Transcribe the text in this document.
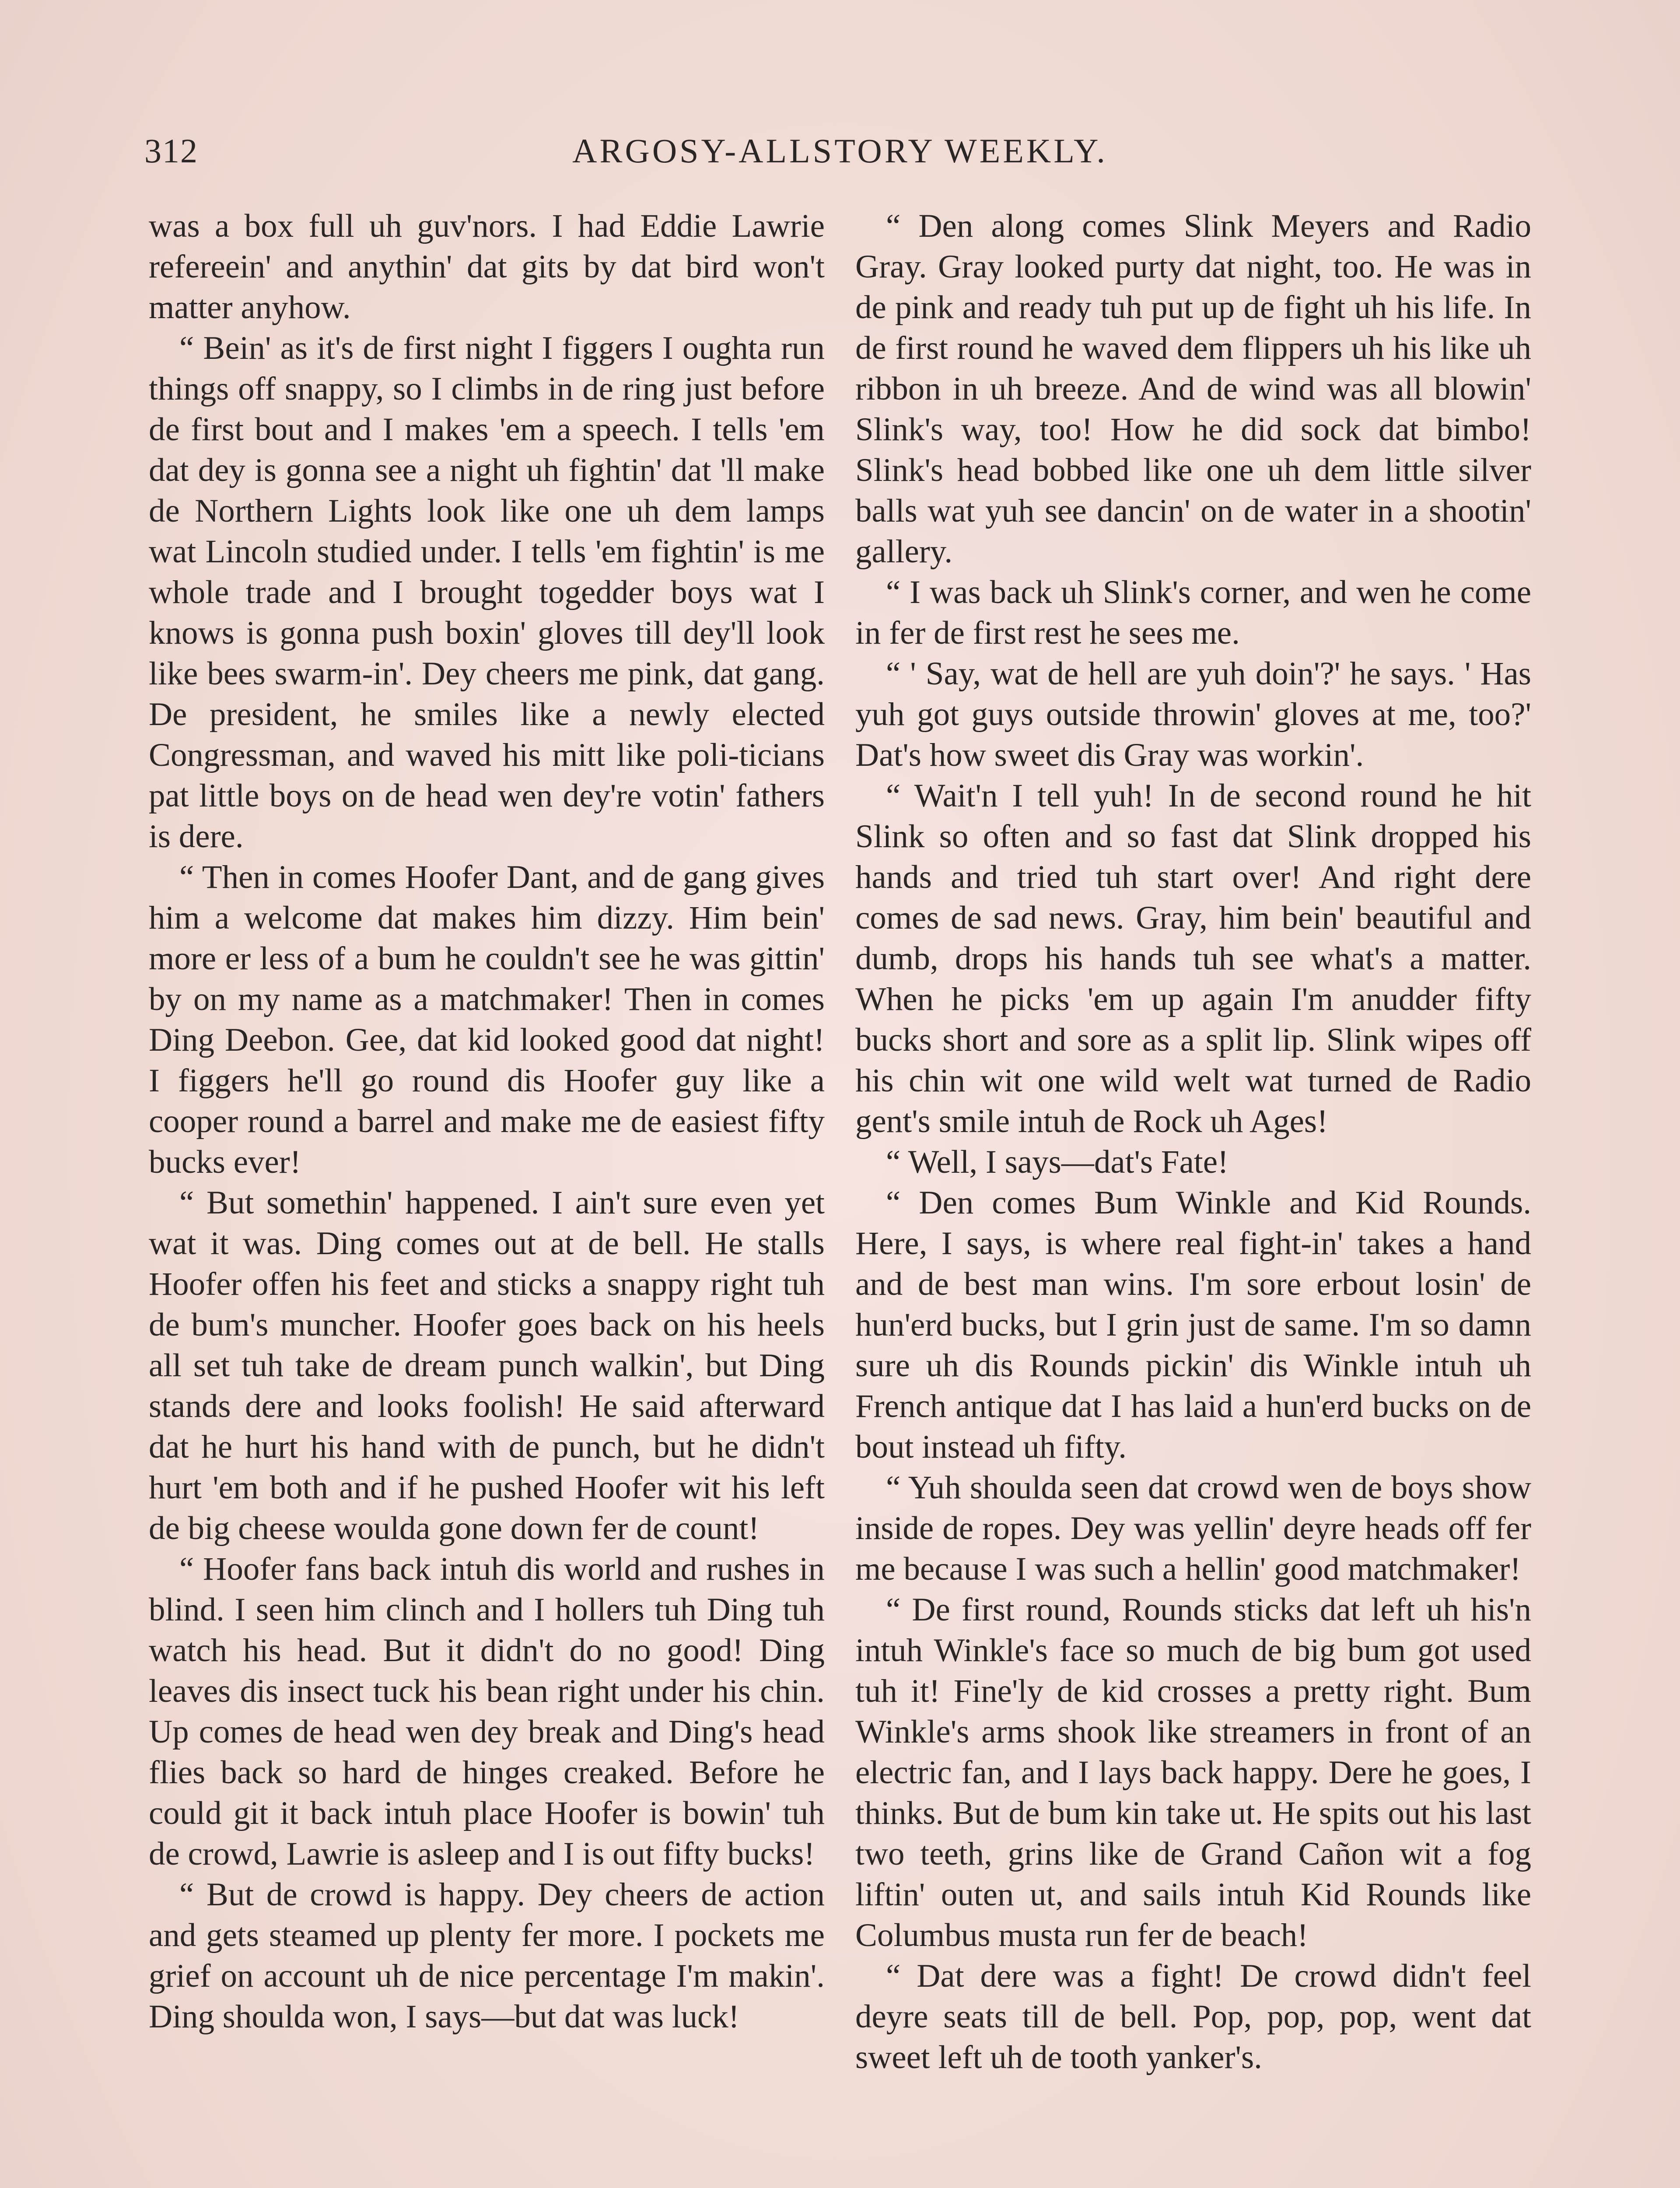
312	ARGOSY-ALLSTORY WEEKLY.

was a box full uh guv'nors. I had Eddie Lawrie refereein' and anythin' dat gits by dat bird won't matter anyhow.

“ Bein' as it's de first night I figgers I oughta run things off snappy, so I climbs in de ring just before de first bout and I makes 'em a speech. I tells 'em dat dey is gonna see a night uh fightin' dat 'll make de Northern Lights look like one uh dem lamps wat Lincoln studied under. I tells 'em fightin' is me whole trade and I brought togedder boys wat I knows is gonna push boxin' gloves till dey'll look like bees swarm-in'. Dey cheers me pink, dat gang. De president, he smiles like a newly elected Congressman, and waved his mitt like poli-ticians pat little boys on de head wen dey're votin' fathers is dere.

“ Then in comes Hoofer Dant, and de gang gives him a welcome dat makes him dizzy. Him bein' more er less of a bum he couldn't see he was gittin' by on my name as a matchmaker! Then in comes Ding Deebon. Gee, dat kid looked good dat night! I figgers he'll go round dis Hoofer guy like a cooper round a barrel and make me de easiest fifty bucks ever!

“ But somethin' happened. I ain't sure even yet wat it was. Ding comes out at de bell. He stalls Hoofer offen his feet and sticks a snappy right tuh de bum's muncher. Hoofer goes back on his heels all set tuh take de dream punch walkin', but Ding stands dere and looks foolish! He said afterward dat he hurt his hand with de punch, but he didn't hurt 'em both and if he pushed Hoofer wit his left de big cheese woulda gone down fer de count!

“ Hoofer fans back intuh dis world and rushes in blind. I seen him clinch and I hollers tuh Ding tuh watch his head. But it didn't do no good! Ding leaves dis insect tuck his bean right under his chin. Up comes de head wen dey break and Ding's head flies back so hard de hinges creaked. Before he could git it back intuh place Hoofer is bowin' tuh de crowd, Lawrie is asleep and I is out fifty bucks!

“ But de crowd is happy. Dey cheers de action and gets steamed up plenty fer more. I pockets me grief on account uh de nice percentage I'm makin'. Ding shoulda won, I says—but dat was luck!

“ Den along comes Slink Meyers and Radio Gray. Gray looked purty dat night, too. He was in de pink and ready tuh put up de fight uh his life. In de first round he waved dem flippers uh his like uh ribbon in uh breeze. And de wind was all blowin' Slink's way, too! How he did sock dat bimbo! Slink's head bobbed like one uh dem little silver balls wat yuh see dancin' on de water in a shootin' gallery.

“ I was back uh Slink's corner, and wen he come in fer de first rest he sees me.

“ ' Say, wat de hell are yuh doin'?' he says. ' Has yuh got guys outside throwin' gloves at me, too?' Dat's how sweet dis Gray was workin'.

“ Wait'n I tell yuh! In de second round he hit Slink so often and so fast dat Slink dropped his hands and tried tuh start over! And right dere comes de sad news. Gray, him bein' beautiful and dumb, drops his hands tuh see what's a matter. When he picks 'em up again I'm anudder fifty bucks short and sore as a split lip. Slink wipes off his chin wit one wild welt wat turned de Radio gent's smile intuh de Rock uh Ages!

“ Well, I says—dat's Fate!

“ Den comes Bum Winkle and Kid Rounds. Here, I says, is where real fight-in' takes a hand and de best man wins. I'm sore erbout losin' de hun'erd bucks, but I grin just de same. I'm so damn sure uh dis Rounds pickin' dis Winkle intuh uh French antique dat I has laid a hun'erd bucks on de bout instead uh fifty.

“ Yuh shoulda seen dat crowd wen de boys show inside de ropes. Dey was yellin' deyre heads off fer me because I was such a hellin' good matchmaker!

“ De first round, Rounds sticks dat left uh his'n intuh Winkle's face so much de big bum got used tuh it! Fine'ly de kid crosses a pretty right. Bum Winkle's arms shook like streamers in front of an electric fan, and I lays back happy. Dere he goes, I thinks. But de bum kin take ut. He spits out his last two teeth, grins like de Grand Cañon wit a fog liftin' outen ut, and sails intuh Kid Rounds like Columbus musta run fer de beach!

“ Dat dere was a fight! De crowd didn't feel deyre seats till de bell. Pop, pop, pop, went dat sweet left uh de tooth yanker's.
